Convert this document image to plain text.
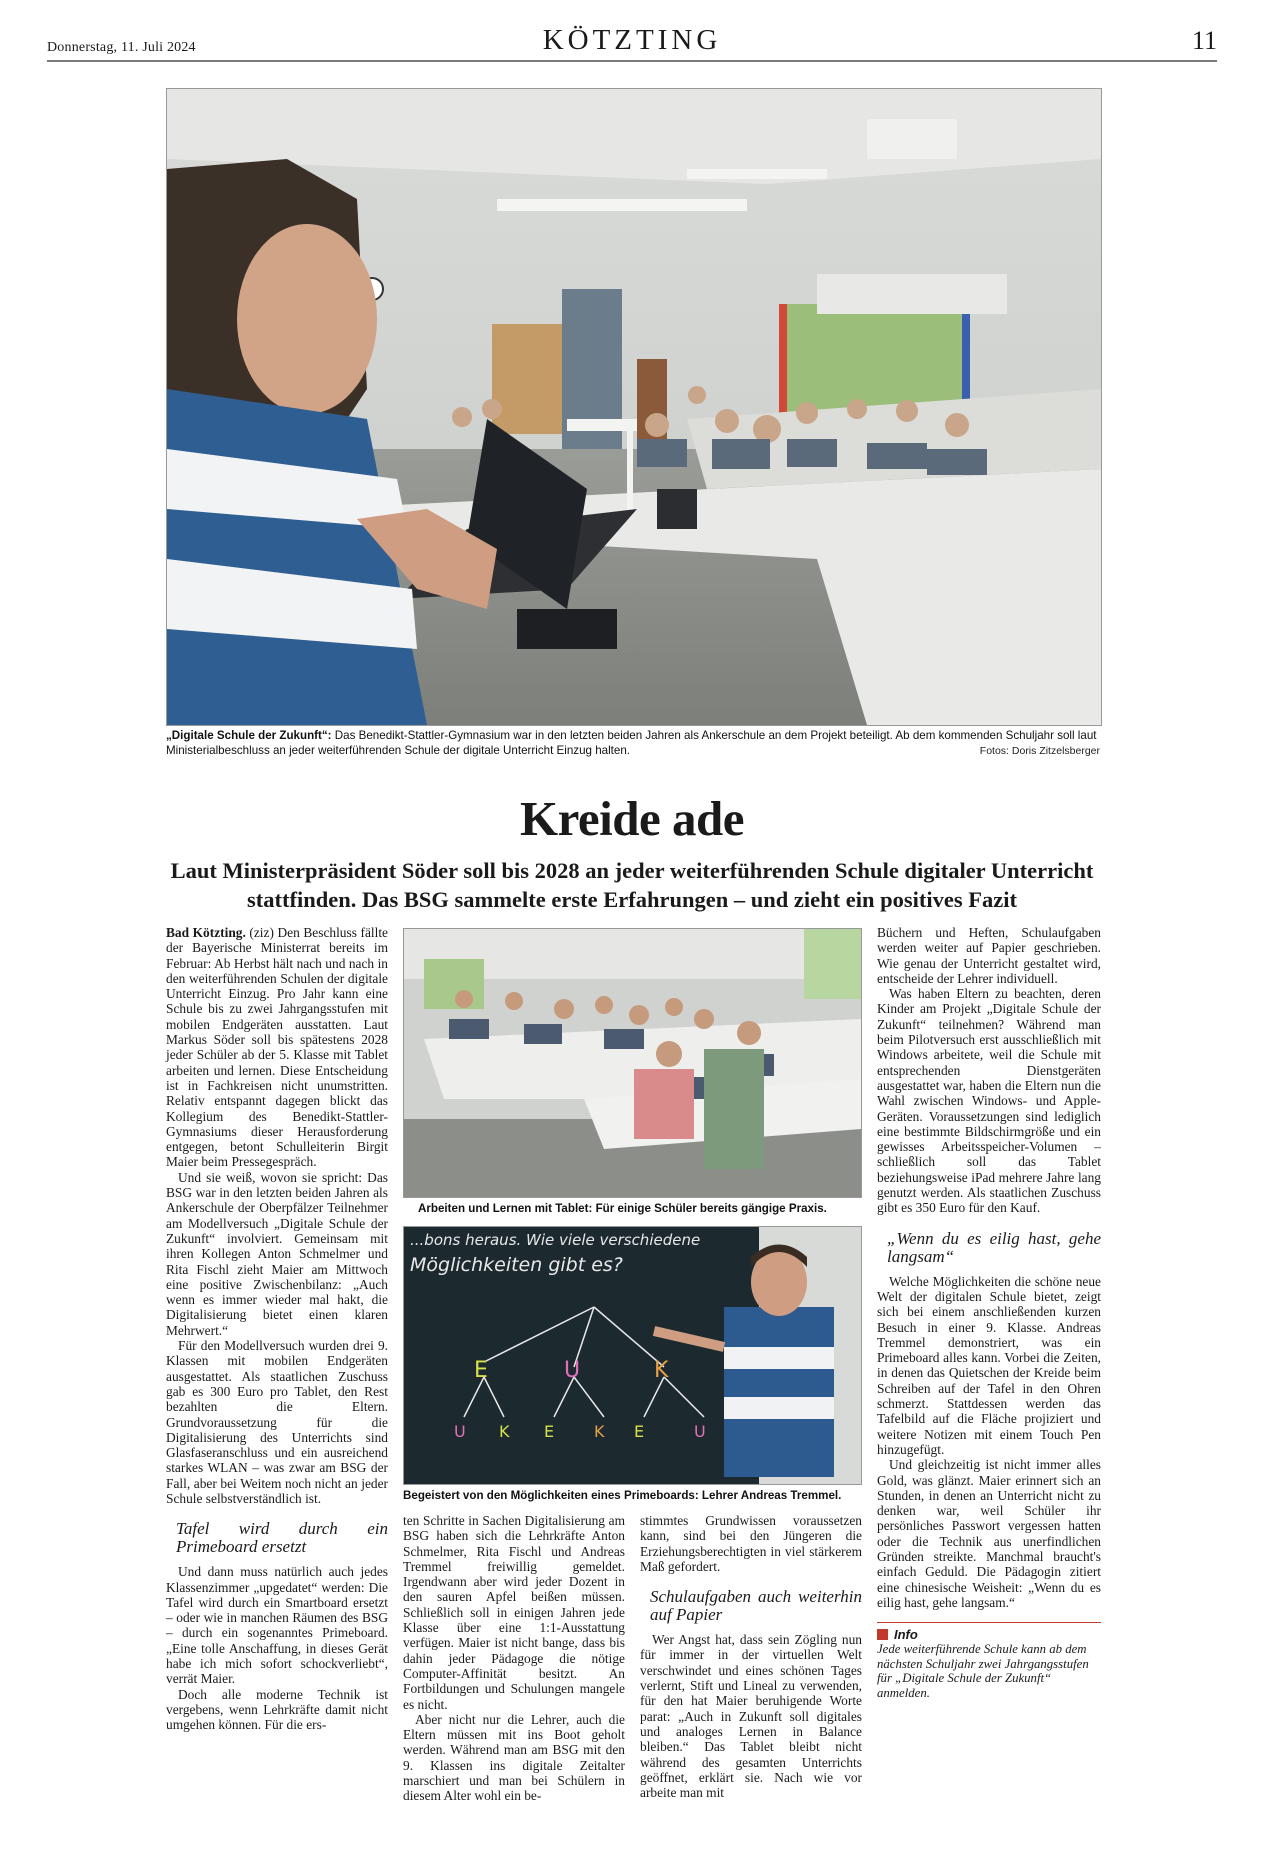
Donnerstag, 11. Juli 2024	KÖTZTING	11
„Digitale Schule der Zukunft“: Das Benedikt-Stattler-Gymnasium war in den letzten beiden Jahren als Ankerschule an dem Projekt beteiligt. Ab dem kommenden Schuljahr soll laut Ministerialbeschluss an jeder weiterführenden Schule der digitale Unterricht Einzug halten.	Fotos: Doris Zitzelsberger
Kreide ade
Laut Ministerpräsident Söder soll bis 2028 an jeder weiterführenden Schule digitaler Unterricht stattfinden. Das BSG sammelte erste Erfahrungen – und zieht ein positives Fazit

Bad Kötzting. (ziz) Den Beschluss fällte der Bayerische Ministerrat bereits im Februar: Ab Herbst hält nach und nach in den weiterführenden Schulen der digitale Unterricht Einzug. Pro Jahr kann eine Schule bis zu zwei Jahrgangsstufen mit mobilen Endgeräten ausstatten. Laut Markus Söder soll bis spätestens 2028 jeder Schüler ab der 5. Klasse mit Tablet arbeiten und lernen. Diese Entscheidung ist in Fachkreisen nicht unumstritten. Relativ entspannt dagegen blickt das Kollegium des Benedikt-Stattler-Gymnasiums dieser Herausforderung entgegen, betont Schulleiterin Birgit Maier beim Pressegespräch.

Und sie weiß, wovon sie spricht: Das BSG war in den letzten beiden Jahren als Ankerschule der Oberpfälzer Teilnehmer am Modellversuch „Digitale Schule der Zukunft“ involviert. Gemeinsam mit ihren Kollegen Anton Schmelmer und Rita Fischl zieht Maier am Mittwoch eine positive Zwischenbilanz: „Auch wenn es immer wieder mal hakt, die Digitalisierung bietet einen klaren Mehrwert.“

Für den Modellversuch wurden drei 9. Klassen mit mobilen Endgeräten ausgestattet. Als staatlichen Zuschuss gab es 300 Euro pro Tablet, den Rest bezahlten die Eltern. Grundvoraussetzung für die Digitalisierung des Unterrichts sind Glasfaseranschluss und ein ausreichend starkes WLAN – was zwar am BSG der Fall, aber bei Weitem noch nicht an jeder Schule selbstverständlich ist.

Tafel wird durch ein Primeboard ersetzt

Und dann muss natürlich auch jedes Klassenzimmer „upgedatet“ werden: Die Tafel wird durch ein Smartboard ersetzt – oder wie in manchen Räumen des BSG – durch ein sogenanntes Primeboard. „Eine tolle Anschaffung, in dieses Gerät habe ich mich sofort schockverliebt“, verrät Maier.

Doch alle moderne Technik ist vergebens, wenn Lehrkräfte damit nicht umgehen können. Für die ers-

Arbeiten und Lernen mit Tablet: Für einige Schüler bereits gängige Praxis.
...bons heraus. Wie viele verschiedene
Möglichkeiten gibt es?
E	U	K
U K E K E	U
Begeistert von den Möglichkeiten eines Primeboards: Lehrer Andreas Tremmel.

ten Schritte in Sachen Digitalisierung am BSG haben sich die Lehrkräfte Anton Schmelmer, Rita Fischl und Andreas Tremmel freiwillig gemeldet. Irgendwann aber wird jeder Dozent in den sauren Apfel beißen müssen. Schließlich soll in einigen Jahren jede Klasse über eine 1:1-Ausstattung verfügen. Maier ist nicht bange, dass bis dahin jeder Pädagoge die nötige Computer-Affinität besitzt. An Fortbildungen und Schulungen mangele es nicht.

Aber nicht nur die Lehrer, auch die Eltern müssen mit ins Boot geholt werden. Während man am BSG mit den 9. Klassen ins digitale Zeitalter marschiert und man bei Schülern in diesem Alter wohl ein be-

stimmtes Grundwissen voraussetzen kann, sind bei den Jüngeren die Erziehungsberechtigten in viel stärkerem Maß gefordert.

Schulaufgaben auch weiterhin auf Papier

Wer Angst hat, dass sein Zögling nun für immer in der virtuellen Welt verschwindet und eines schönen Tages verlernt, Stift und Lineal zu verwenden, für den hat Maier beruhigende Worte parat: „Auch in Zukunft soll digitales und analoges Lernen in Balance bleiben.“ Das Tablet bleibt nicht während des gesamten Unterrichts geöffnet, erklärt sie. Nach wie vor arbeite man mit

Büchern und Heften, Schulaufgaben werden weiter auf Papier geschrieben. Wie genau der Unterricht gestaltet wird, entscheide der Lehrer individuell.

Was haben Eltern zu beachten, deren Kinder am Projekt „Digitale Schule der Zukunft“ teilnehmen? Während man beim Pilotversuch erst ausschließlich mit Windows arbeitete, weil die Schule mit entsprechenden Dienstgeräten ausgestattet war, haben die Eltern nun die Wahl zwischen Windows- und Apple-Geräten. Voraussetzungen sind lediglich eine bestimmte Bildschirmgröße und ein gewisses Arbeitsspeicher-Volumen – schließlich soll das Tablet beziehungsweise iPad mehrere Jahre lang genutzt werden. Als staatlichen Zuschuss gibt es 350 Euro für den Kauf.

„Wenn du es eilig hast, gehe langsam“

Welche Möglichkeiten die schöne neue Welt der digitalen Schule bietet, zeigt sich bei einem anschließenden kurzen Besuch in einer 9. Klasse. Andreas Tremmel demonstriert, was ein Primeboard alles kann. Vorbei die Zeiten, in denen das Quietschen der Kreide beim Schreiben auf der Tafel in den Ohren schmerzt. Stattdessen werden das Tafelbild auf die Fläche projiziert und weitere Notizen mit einem Touch Pen hinzugefügt.

Und gleichzeitig ist nicht immer alles Gold, was glänzt. Maier erinnert sich an Stunden, in denen an Unterricht nicht zu denken war, weil Schüler ihr persönliches Passwort vergessen hatten oder die Technik aus unerfindlichen Gründen streikte. Manchmal braucht's einfach Geduld. Die Pädagogin zitiert eine chinesische Weisheit: „Wenn du es eilig hast, gehe langsam.“

Info

Jede weiterführende Schule kann ab dem nächsten Schuljahr zwei Jahrgangsstufen für „Digitale Schule der Zukunft“ anmelden.
